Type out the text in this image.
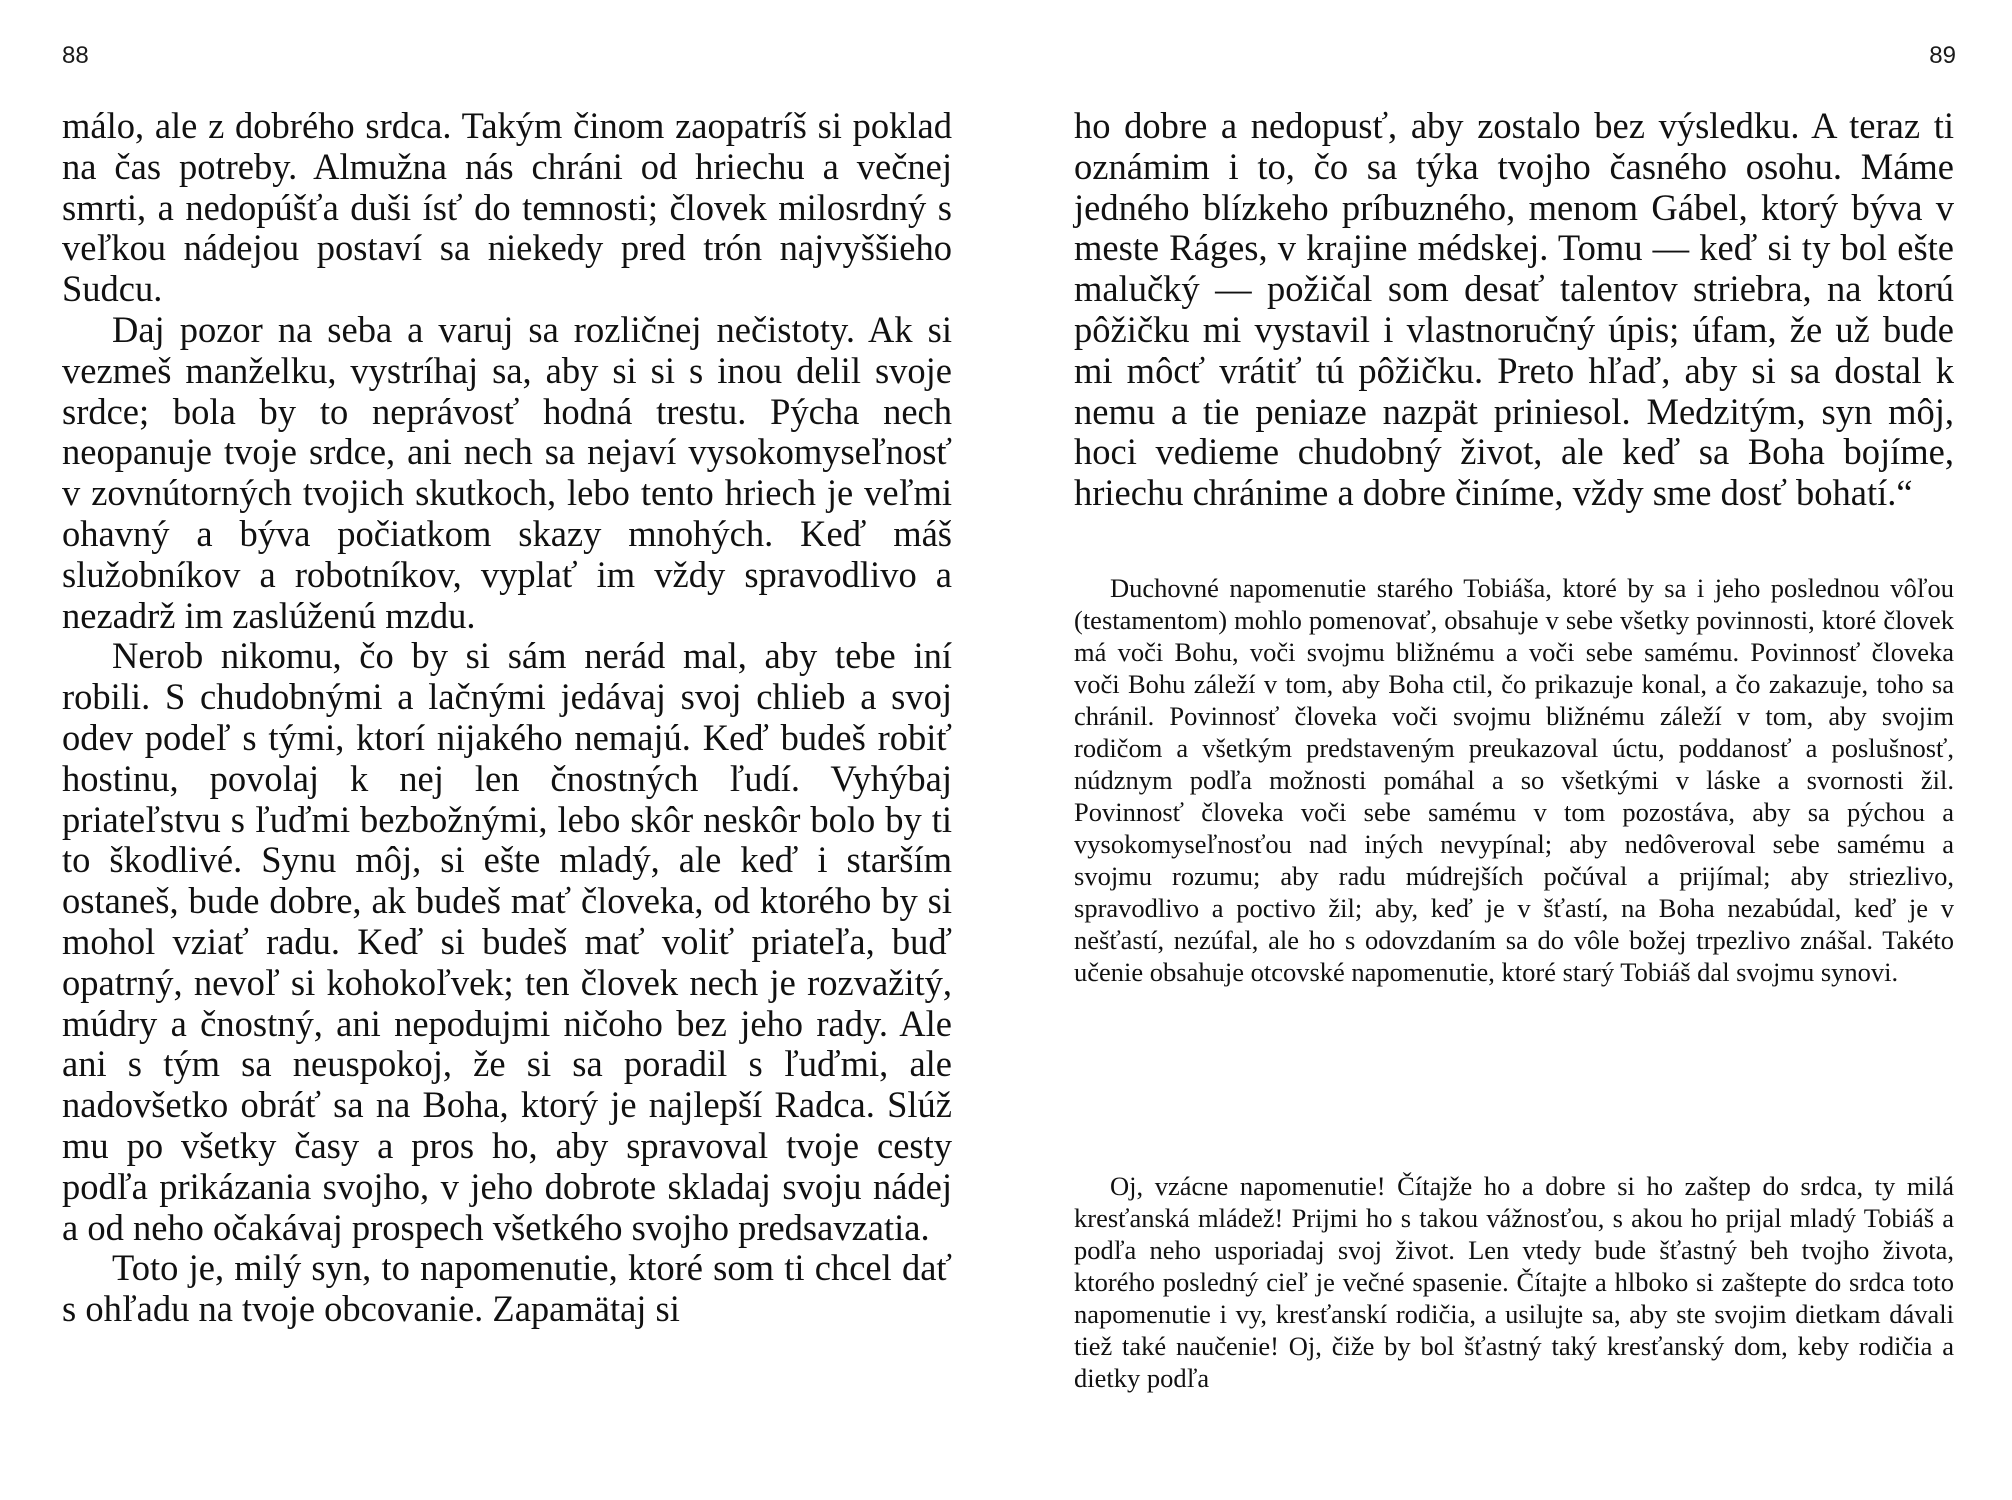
88

málo, ale z dobrého srdca. Takým činom zaopatríš si poklad na čas potreby. Almužna nás chráni od hriechu a večnej smrti, a nedopúšťa duši ísť do temnosti; človek milosrdný s veľkou nádejou postaví sa niekedy pred trón najvyššieho Sudcu.

Daj pozor na seba a varuj sa rozličnej nečistoty. Ak si vezmeš manželku, vystríhaj sa, aby si si s inou delil svoje srdce; bola by to neprávosť hodná trestu. Pýcha nech neopanuje tvoje srdce, ani nech sa nejaví vysokomyseľnosť v zovnútorných tvojich skutkoch, lebo tento hriech je veľmi ohavný a býva počiatkom skazy mnohých. Keď máš služobníkov a robotníkov, vyplať im vždy spravodlivo a nezadrž im zaslúženú mzdu.

Nerob nikomu, čo by si sám nerád mal, aby tebe iní robili. S chudobnými a lačnými jedávaj svoj chlieb a svoj odev podeľ s tými, ktorí nijakého nemajú. Keď budeš robiť hostinu, povolaj k nej len čnostných ľudí. Vyhýbaj priateľstvu s ľuďmi bezbožnými, lebo skôr neskôr bolo by ti to škodlivé. Synu môj, si ešte mladý, ale keď i starším ostaneš, bude dobre, ak budeš mať človeka, od ktorého by si mohol vziať radu. Keď si budeš mať voliť priateľa, buď opatrný, nevoľ si kohokoľvek; ten človek nech je rozvažitý, múdry a čnostný, ani nepodujmi ničoho bez jeho rady. Ale ani s tým sa neuspokoj, že si sa poradil s ľuďmi, ale nadovšetko obráť sa na Boha, ktorý je najlepší Radca. Slúž mu po všetky časy a pros ho, aby spravoval tvoje cesty podľa prikázania svojho, v jeho dobrote skladaj svoju nádej a od neho očakávaj prospech všetkého svojho predsavzatia.

Toto je, milý syn, to napomenutie, ktoré som ti chcel dať s ohľadu na tvoje obcovanie. Zapamätaj si

89

ho dobre a nedopusť, aby zostalo bez výsledku. A teraz ti oznámim i to, čo sa týka tvojho časného osohu. Máme jedného blízkeho príbuzného, menom Gábel, ktorý býva v meste Ráges, v krajine médskej. Tomu — keď si ty bol ešte malučký — požičal som desať talentov striebra, na ktorú pôžičku mi vystavil i vlastnoručný úpis; úfam, že už bude mi môcť vrátiť tú pôžičku. Preto hľaď, aby si sa dostal k nemu a tie peniaze nazpät priniesol. Medzitým, syn môj, hoci vedieme chudobný život, ale keď sa Boha bojíme, hriechu chránime a dobre činíme, vždy sme dosť bohatí.“

Duchovné napomenutie starého Tobiáša, ktoré by sa i jeho poslednou vôľou (testamentom) mohlo pomenovať, obsahuje v sebe všetky povinnosti, ktoré človek má voči Bohu, voči svojmu bližnému a voči sebe samému. Povinnosť človeka voči Bohu záleží v tom, aby Boha ctil, čo prikazuje konal, a čo zakazuje, toho sa chránil. Povinnosť človeka voči svojmu bližnému záleží v tom, aby svojim rodičom a všetkým predstaveným preukazoval úctu, poddanosť a poslušnosť, núdznym podľa možnosti pomáhal a so všetkými v láske a svornosti žil. Povinnosť človeka voči sebe samému v tom pozostáva, aby sa pýchou a vysokomyseľnosťou nad iných nevypínal; aby nedôveroval sebe samému a svojmu rozumu; aby radu múdrejších počúval a prijímal; aby striezlivo, spravodlivo a poctivo žil; aby, keď je v šťastí, na Boha nezabúdal, keď je v nešťastí, nezúfal, ale ho s odovzdaním sa do vôle božej trpezlivo znášal. Takéto učenie obsahuje otcovské napomenutie, ktoré starý Tobiáš dal svojmu synovi.

Oj, vzácne napomenutie! Čítajže ho a dobre si ho zaštep do srdca, ty milá kresťanská mládež! Prijmi ho s takou vážnosťou, s akou ho prijal mladý Tobiáš a podľa neho usporiadaj svoj život. Len vtedy bude šťastný beh tvojho života, ktorého posledný cieľ je večné spasenie. Čítajte a hlboko si zaštepte do srdca toto napomenutie i vy, kresťanskí rodičia, a usilujte sa, aby ste svojim dietkam dávali tiež také naučenie! Oj, čiže by bol šťastný taký kresťanský dom, keby rodičia a dietky podľa
